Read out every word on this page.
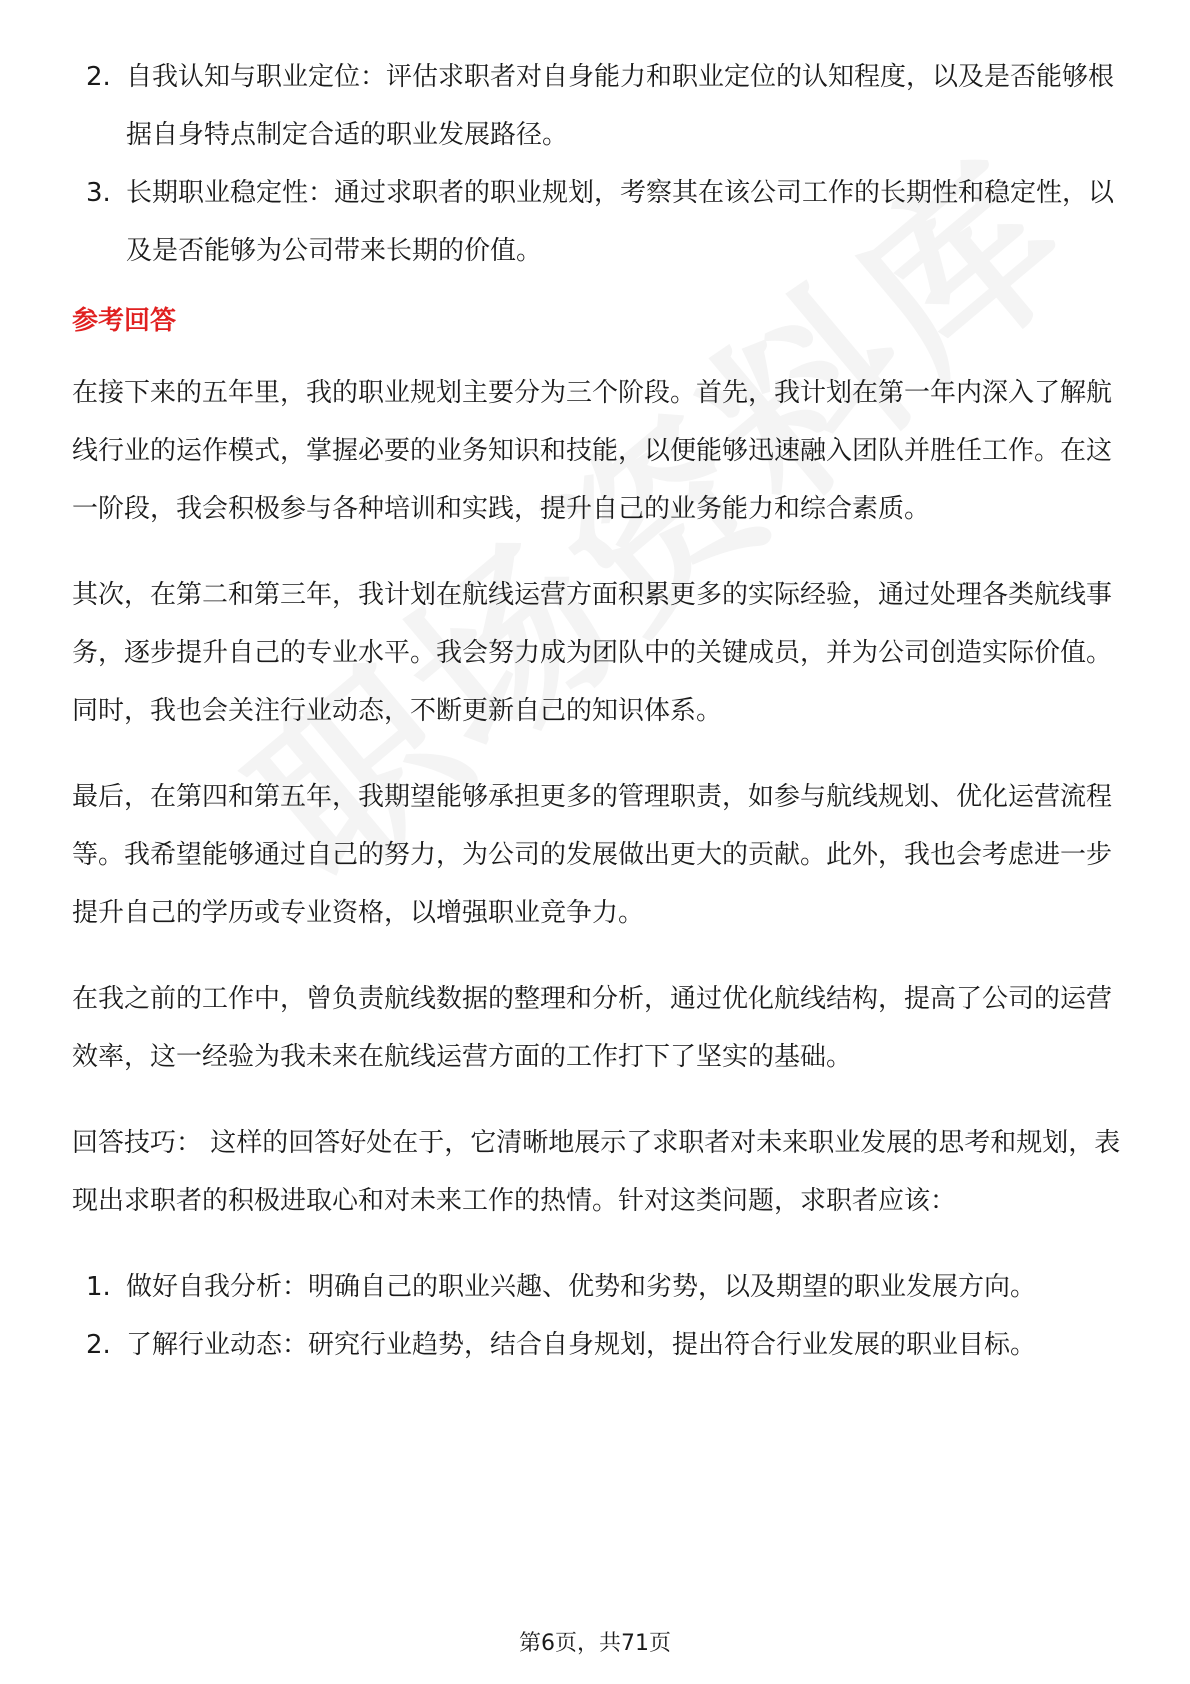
2. 自我认知与职业定位：评估求职者对自身能力和职业定位的认知程度，以及是否能够根据自身特点制定合适的职业发展路径。
3. 长期职业稳定性：通过求职者的职业规划，考察其在该公司工作的长期性和稳定性，以及是否能够为公司带来长期的价值。
参考回答

在接下来的五年里，我的职业规划主要分为三个阶段。首先，我计划在第一年内深入了解航线行业的运作模式，掌握必要的业务知识和技能，以便能够迅速融入团队并胜任工作。在这一阶段，我会积极参与各种培训和实践，提升自己的业务能力和综合素质。

其次，在第二和第三年，我计划在航线运营方面积累更多的实际经验，通过处理各类航线事务，逐步提升自己的专业水平。我会努力成为团队中的关键成员，并为公司创造实际价值。同时，我也会关注行业动态，不断更新自己的知识体系。

最后，在第四和第五年，我期望能够承担更多的管理职责，如参与航线规划、优化运营流程等。我希望能够通过自己的努力，为公司的发展做出更大的贡献。此外，我也会考虑进一步提升自己的学历或专业资格，以增强职业竞争力。

在我之前的工作中，曾负责航线数据的整理和分析，通过优化航线结构，提高了公司的运营效率，这一经验为我未来在航线运营方面的工作打下了坚实的基础。

回答技巧： 这样的回答好处在于，它清晰地展示了求职者对未来职业发展的思考和规划，表现出求职者的积极进取心和对未来工作的热情。针对这类问题，求职者应该：

1. 做好自我分析：明确自己的职业兴趣、优势和劣势，以及期望的职业发展方向。
2. 了解行业动态：研究行业趋势，结合自身规划，提出符合行业发展的职业目标。
第6页，共71页
